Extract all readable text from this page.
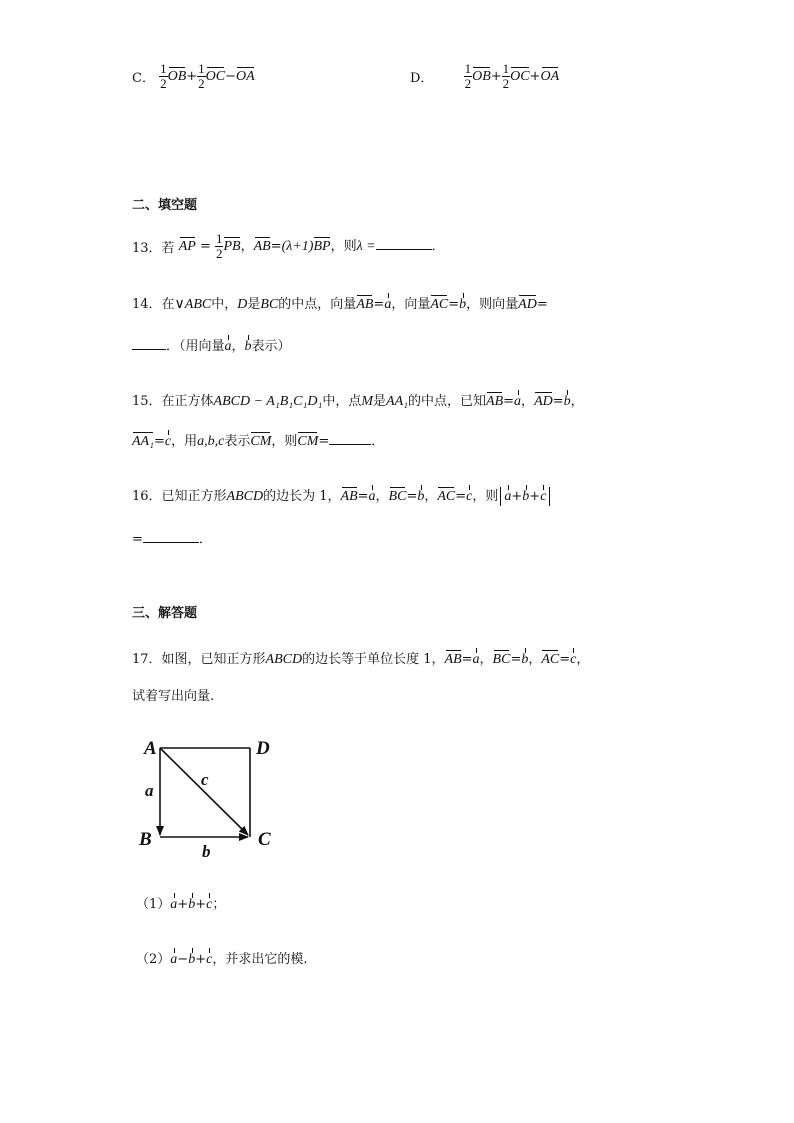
C． $\frac{1}{2} OB+ \frac{1}{2} OC-OA$	D． $\frac{1}{2} OB+ \frac{1}{2} OC+OA$
二、填空题
13．若 AP = $\frac{1}{2}$ PB，AB=(λ+1)BP，则λ =	．
14．在∨ABC中，D是BC的中点，向量AB=a，向量AC=b，则向量AD=
．（用向量a，b表示）
15．在正方体ABCD − A₁B₁C₁D₁中，点M是AA₁的中点，已知AB=a，AD=b，
AA₁=c，用a,b,c表示CM，则CM=	．
16．已知正方形ABCD的边长为 1，AB=a，BC=b，AC=c，则 a+b+c
=	．
三、解答题
17．如图，已知正方形ABCD的边长等于单位长度 1，AB=a，BC=b，AC=c，
试着写出向量.
A	D
B	C
a
b
c
（1）a+b+c；
（2）a−b+c，并求出它的模.
